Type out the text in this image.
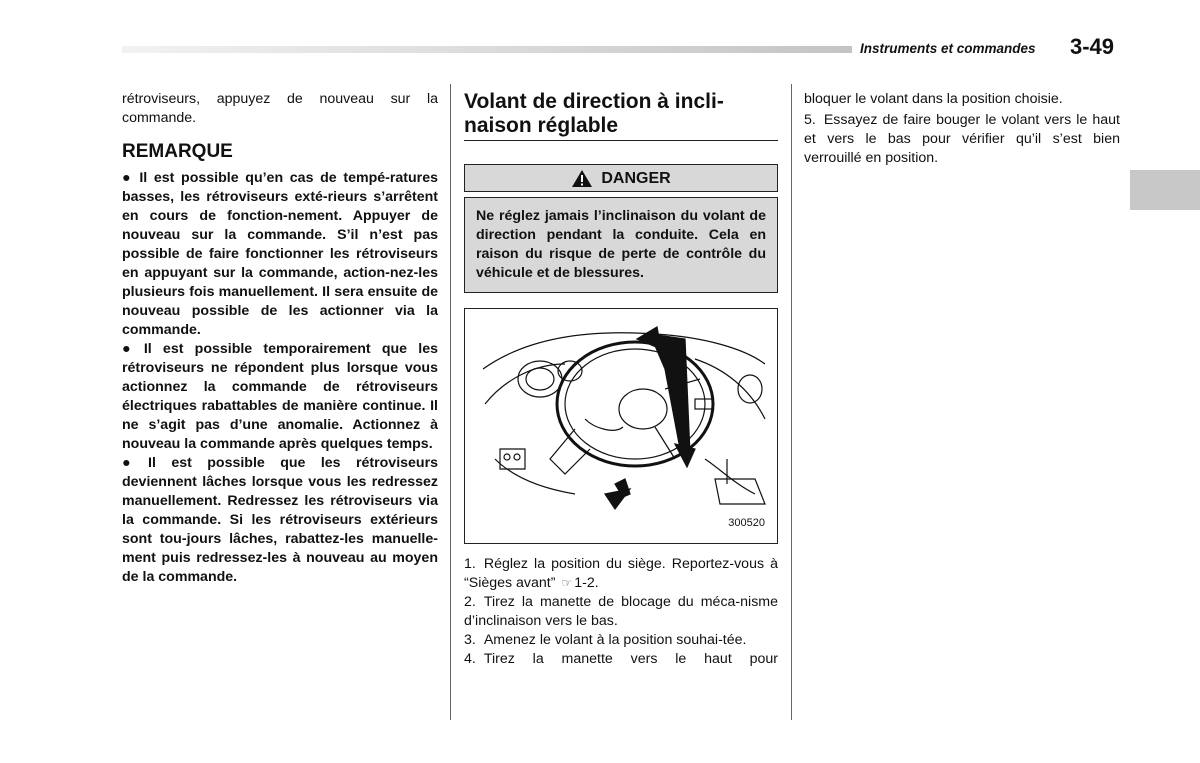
Instruments et commandes 3-49

rétroviseurs, appuyez de nouveau sur la commande.

REMARQUE

● Il est possible qu’en cas de tempé-ratures basses, les rétroviseurs exté-rieurs s’arrêtent en cours de fonction-nement. Appuyer de nouveau sur la commande. S’il n’est pas possible de faire fonctionner les rétroviseurs en appuyant sur la commande, action-nez-les plusieurs fois manuellement. Il sera ensuite de nouveau possible de les actionner via la commande.

● Il est possible temporairement que les rétroviseurs ne répondent plus lorsque vous actionnez la commande de rétroviseurs électriques rabattables de manière continue. Il ne s’agit pas d’une anomalie. Actionnez à nouveau la commande après quelques temps.

● Il est possible que les rétroviseurs deviennent lâches lorsque vous les redressez manuellement. Redressez les rétroviseurs via la commande. Si les rétroviseurs extérieurs sont tou-jours lâches, rabattez-les manuelle-ment puis redressez-les à nouveau au moyen de la commande.

Volant de direction à incli-naison réglable
DANGER
Ne réglez jamais l’inclinaison du volant de direction pendant la conduite. Cela en raison du risque de perte de contrôle du véhicule et de blessures.
300520

1. Réglez la position du siège. Reportez-vous à “Sièges avant” ☞ 1-2.

2. Tirez la manette de blocage du méca-nisme d’inclinaison vers le bas.

3. Amenez le volant à la position souhai-tée.

4. Tirez la manette vers le haut pour

bloquer le volant dans la position choisie.

5. Essayez de faire bouger le volant vers le haut et vers le bas pour vérifier qu’il s’est bien verrouillé en position.
